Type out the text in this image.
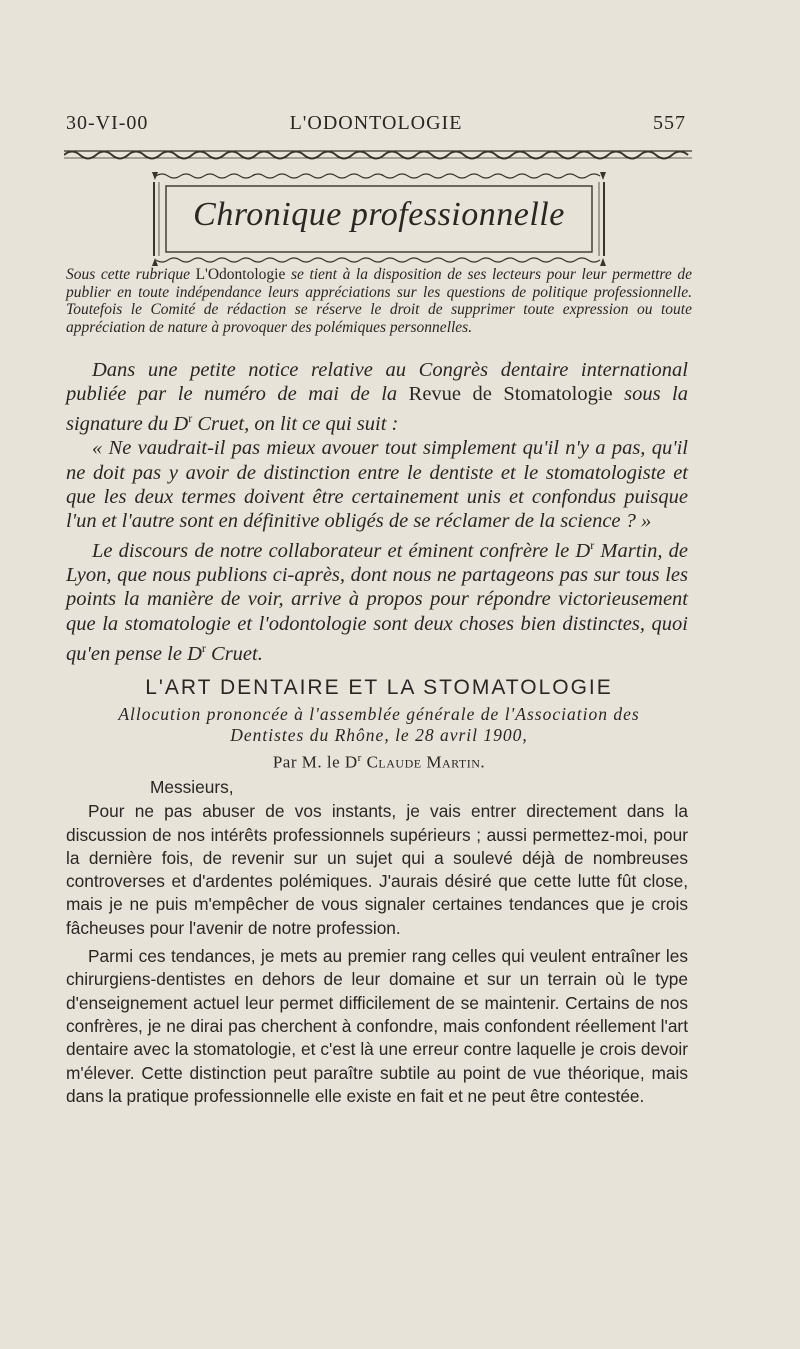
30-VI-00	L'ODONTOLOGIE	557
Chronique professionnelle
Sous cette rubrique L'Odontologie se tient à la disposition de ses lecteurs pour leur permettre de publier en toute indépendance leurs appréciations sur les questions de politique professionnelle. Toutefois le Comité de rédaction se réserve le droit de supprimer toute expression ou toute appréciation de nature à provoquer des polémiques personnelles.

Dans une petite notice relative au Congrès dentaire international publiée par le numéro de mai de la Revue de Stomatologie sous la signature du $D^r$ Cruet, on lit ce qui suit :

« Ne vaudrait-il pas mieux avouer tout simplement qu'il n'y a pas, qu'il ne doit pas y avoir de distinction entre le dentiste et le stomatologiste et que les deux termes doivent être certainement unis et confondus puisque l'un et l'autre sont en définitive obligés de se réclamer de la science ? »

Le discours de notre collaborateur et éminent confrère le $D^r$ Martin, de Lyon, que nous publions ci-après, dont nous ne partageons pas sur tous les points la manière de voir, arrive à propos pour répondre victorieusement que la stomatologie et l'odontologie sont deux choses bien distinctes, quoi qu'en pense le $D^r$ Cruet.

L'ART DENTAIRE ET LA STOMATOLOGIE
Allocution prononcée à l'assemblée générale de l'Association des
Dentistes du Rhône, le 28 avril 1900,
Par M. le $D^r$ Claude Martin.

Messieurs,

Pour ne pas abuser de vos instants, je vais entrer directement dans la discussion de nos intérêts professionnels supérieurs ; aussi permettez-moi, pour la dernière fois, de revenir sur un sujet qui a soulevé déjà de nombreuses controverses et d'ardentes polémiques. J'aurais désiré que cette lutte fût close, mais je ne puis m'empêcher de vous signaler certaines tendances que je crois fâcheuses pour l'avenir de notre profession.

Parmi ces tendances, je mets au premier rang celles qui veulent entraîner les chirurgiens-dentistes en dehors de leur domaine et sur un terrain où le type d'enseignement actuel leur permet difficilement de se maintenir. Certains de nos confrères, je ne dirai pas cherchent à confondre, mais confondent réellement l'art dentaire avec la stomatologie, et c'est là une erreur contre laquelle je crois devoir m'élever. Cette distinction peut paraître subtile au point de vue théorique, mais dans la pratique professionnelle elle existe en fait et ne peut être contestée.
